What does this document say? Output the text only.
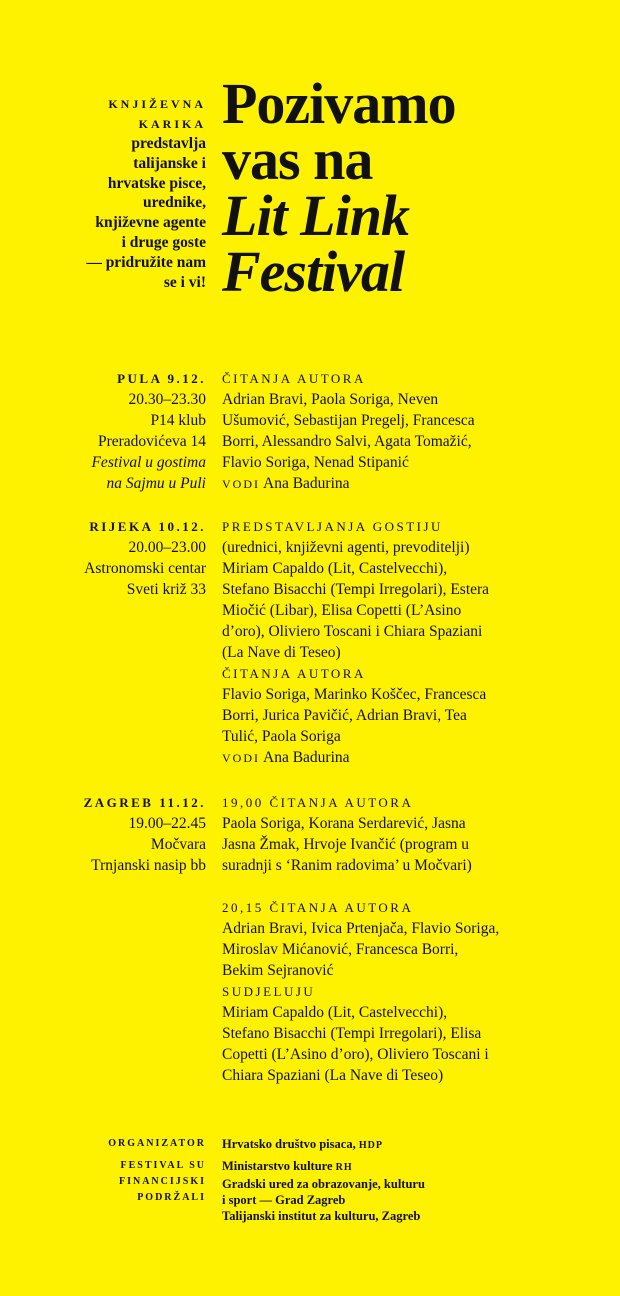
KNJIŽEVNA
KARIKA
predstavlja
talijanske i
hrvatske pisce,
urednike,
književne agente
i druge goste
— pridružite nam
se i vi!
Pozivamo
vas na
Lit Link
Festival
PULA 9.12.
20.30–23.30
P14 klub
Preradovićeva 14
Festival u gostima
na Sajmu u Puli
ČITANJA AUTORA
Adrian Bravi, Paola Soriga, Neven
Ušumović, Sebastijan Pregelj, Francesca
Borri, Alessandro Salvi, Agata Tomažić,
Flavio Soriga, Nenad Stipanić
VODI Ana Badurina
RIJEKA 10.12.
20.00–23.00
Astronomski centar
Sveti križ 33
PREDSTAVLJANJA GOSTIJU
(urednici, književni agenti, prevoditelji)
Miriam Capaldo (Lit, Castelvecchi),
Stefano Bisacchi (Tempi Irregolari), Estera
Miočić (Libar), Elisa Copetti (L’Asino
d’oro), Oliviero Toscani i Chiara Spaziani
(La Nave di Teseo)
ČITANJA AUTORA
Flavio Soriga, Marinko Koščec, Francesca
Borri, Jurica Pavičić, Adrian Bravi, Tea
Tulić, Paola Soriga
VODI Ana Badurina
ZAGREB 11.12.
19.00–22.45
Močvara
Trnjanski nasip bb
19,00 ČITANJA AUTORA
Paola Soriga, Korana Serdarević, Jasna
Jasna Žmak, Hrvoje Ivančić (program u
suradnji s ‘Ranim radovima’ u Močvari)
20,15 ČITANJA AUTORA
Adrian Bravi, Ivica Prtenjača, Flavio Soriga,
Miroslav Mićanović, Francesca Borri,
Bekim Sejranović
SUDJELUJU
Miriam Capaldo (Lit, Castelvecchi),
Stefano Bisacchi (Tempi Irregolari), Elisa
Copetti (L’Asino d’oro), Oliviero Toscani i
Chiara Spaziani (La Nave di Teseo)
ORGANIZATOR Hrvatsko društvo pisaca, HDP
FESTIVAL SU
FINANCIJSKI
PODRŽALI
Ministarstvo kulture RH
Gradski ured za obrazovanje, kulturu
i sport — Grad Zagreb
Talijanski institut za kulturu, Zagreb
